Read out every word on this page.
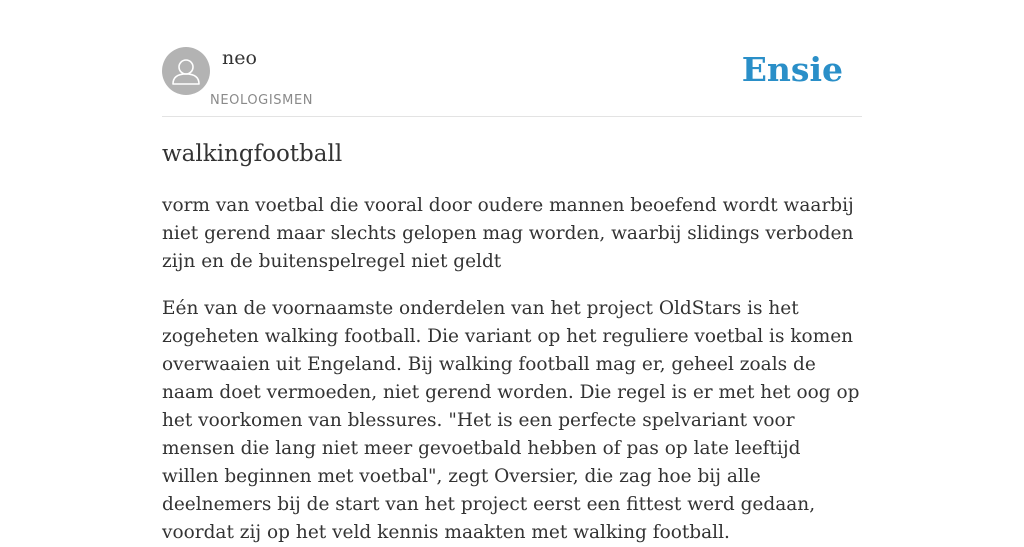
neo
NEOLOGISMEN
Ensie
walkingfootball

vorm van voetbal die vooral door oudere mannen beoefend wordt waarbij niet gerend maar slechts gelopen mag worden, waarbij slidings verboden zijn en de buitenspelregel niet geldt

Eén van de voornaamste onderdelen van het project OldStars is het zogeheten walking football. Die variant op het reguliere voetbal is komen overwaaien uit Engeland. Bij walking football mag er, geheel zoals de naam doet vermoeden, niet gerend worden. Die regel is er met het oog op het voorkomen van blessures. "Het is een perfecte spelvariant voor mensen die lang niet meer gevoetbald hebben of pas op late leeftijd willen beginnen met voetbal", zegt Oversier, die zag hoe bij alle deelnemers bij de start van het project eerst een fittest werd gedaan, voordat zij op het veld kennis maakten met walking football.
